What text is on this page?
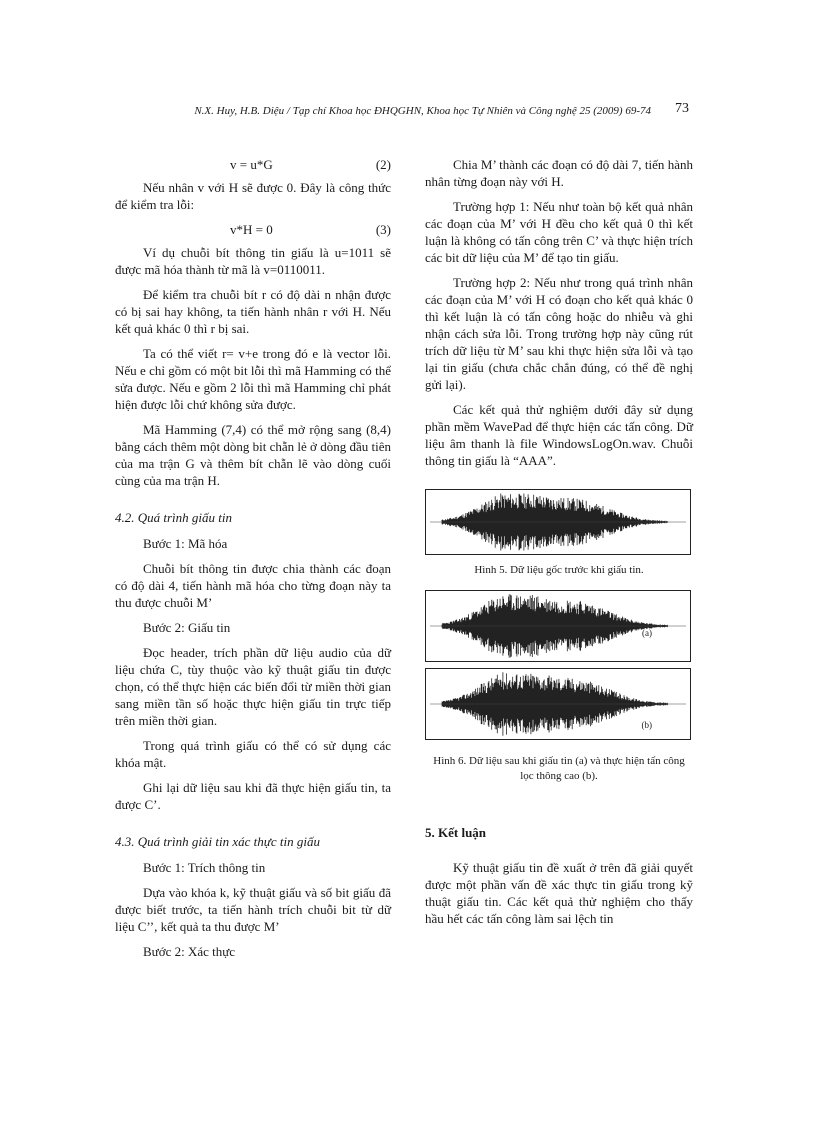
N.X. Huy, H.B. Diệu / Tạp chí Khoa học ĐHQGHN, Khoa học Tự Nhiên và Công nghệ 25 (2009) 69-74 73
v = u*G	(2)

Nếu nhân v với H sẽ được 0. Đây là công thức để kiểm tra lỗi:

v*H = 0	(3)

Ví dụ chuỗi bít thông tin giấu là u=1011 sẽ được mã hóa thành từ mã là v=0110011.

Để kiểm tra chuỗi bít r có độ dài n nhận được có bị sai hay không, ta tiến hành nhân r với H. Nếu kết quả khác 0 thì r bị sai.

Ta có thể viết r= v+e trong đó e là vector lỗi. Nếu e chỉ gồm có một bit lỗi thì mã Hamming có thể sửa được. Nếu e gồm 2 lỗi thì mã Hamming chỉ phát hiện được lỗi chứ không sửa được.

Mã Hamming (7,4) có thể mở rộng sang (8,4) bằng cách thêm một dòng bit chẵn lẻ ở dòng đầu tiên của ma trận G và thêm bít chẵn lẽ vào dòng cuối cùng của ma trận H.

4.2. Quá trình giấu tin
Bước 1: Mã hóa

Chuỗi bít thông tin được chia thành các đoạn có độ dài 4, tiến hành mã hóa cho từng đoạn này ta thu được chuỗi M’

Bước 2: Giấu tin

Đọc header, trích phần dữ liệu audio của dữ liệu chứa C, tùy thuộc vào kỹ thuật giấu tin được chọn, có thể thực hiện các biến đổi từ miền thời gian sang miền tần số hoặc thực hiện giấu tin trực tiếp trên miền thời gian.

Trong quá trình giấu có thể có sử dụng các khóa mật.

Ghi lại dữ liệu sau khi đã thực hiện giấu tin, ta được C’.

4.3. Quá trình giải tin xác thực tin giấu
Bước 1: Trích thông tin

Dựa vào khóa k, kỹ thuật giấu và số bit giấu đã được biết trước, ta tiến hành trích chuỗi bit từ dữ liệu C’’, kết quả ta thu được M’

Bước 2: Xác thực

Chia M’ thành các đoạn có độ dài 7, tiến hành nhân từng đoạn này với H.

Trường hợp 1: Nếu như toàn bộ kết quả nhân các đoạn của M’ với H đều cho kết quả 0 thì kết luận là không có tấn công trên C’ và thực hiện trích các bit dữ liệu của M’ để tạo tin giấu.

Trường hợp 2: Nếu như trong quá trình nhân các đoạn của M’ với H có đoạn cho kết quả khác 0 thì kết luận là có tấn công hoặc do nhiễu và ghi nhận cách sửa lỗi. Trong trường hợp này cũng rút trích dữ liệu từ M’ sau khi thực hiện sửa lỗi và tạo lại tin giấu (chưa chắc chắn đúng, có thể đề nghị gửi lại).

Các kết quả thử nghiệm dưới đây sử dụng phần mềm WavePad để thực hiện các tấn công. Dữ liệu âm thanh là file WindowsLogOn.wav. Chuỗi thông tin giấu là “AAA”.

Hình 5. Dữ liệu gốc trước khi giấu tin.
(a)
(b)
Hình 6. Dữ liệu sau khi giấu tin (a) và thực hiện tấn công lọc thông cao (b).
5. Kết luận

Kỹ thuật giấu tin đề xuất ở trên đã giải quyết được một phần vấn đề xác thực tin giấu trong kỹ thuật giấu tin. Các kết quả thử nghiệm cho thấy hầu hết các tấn công làm sai lệch tin
